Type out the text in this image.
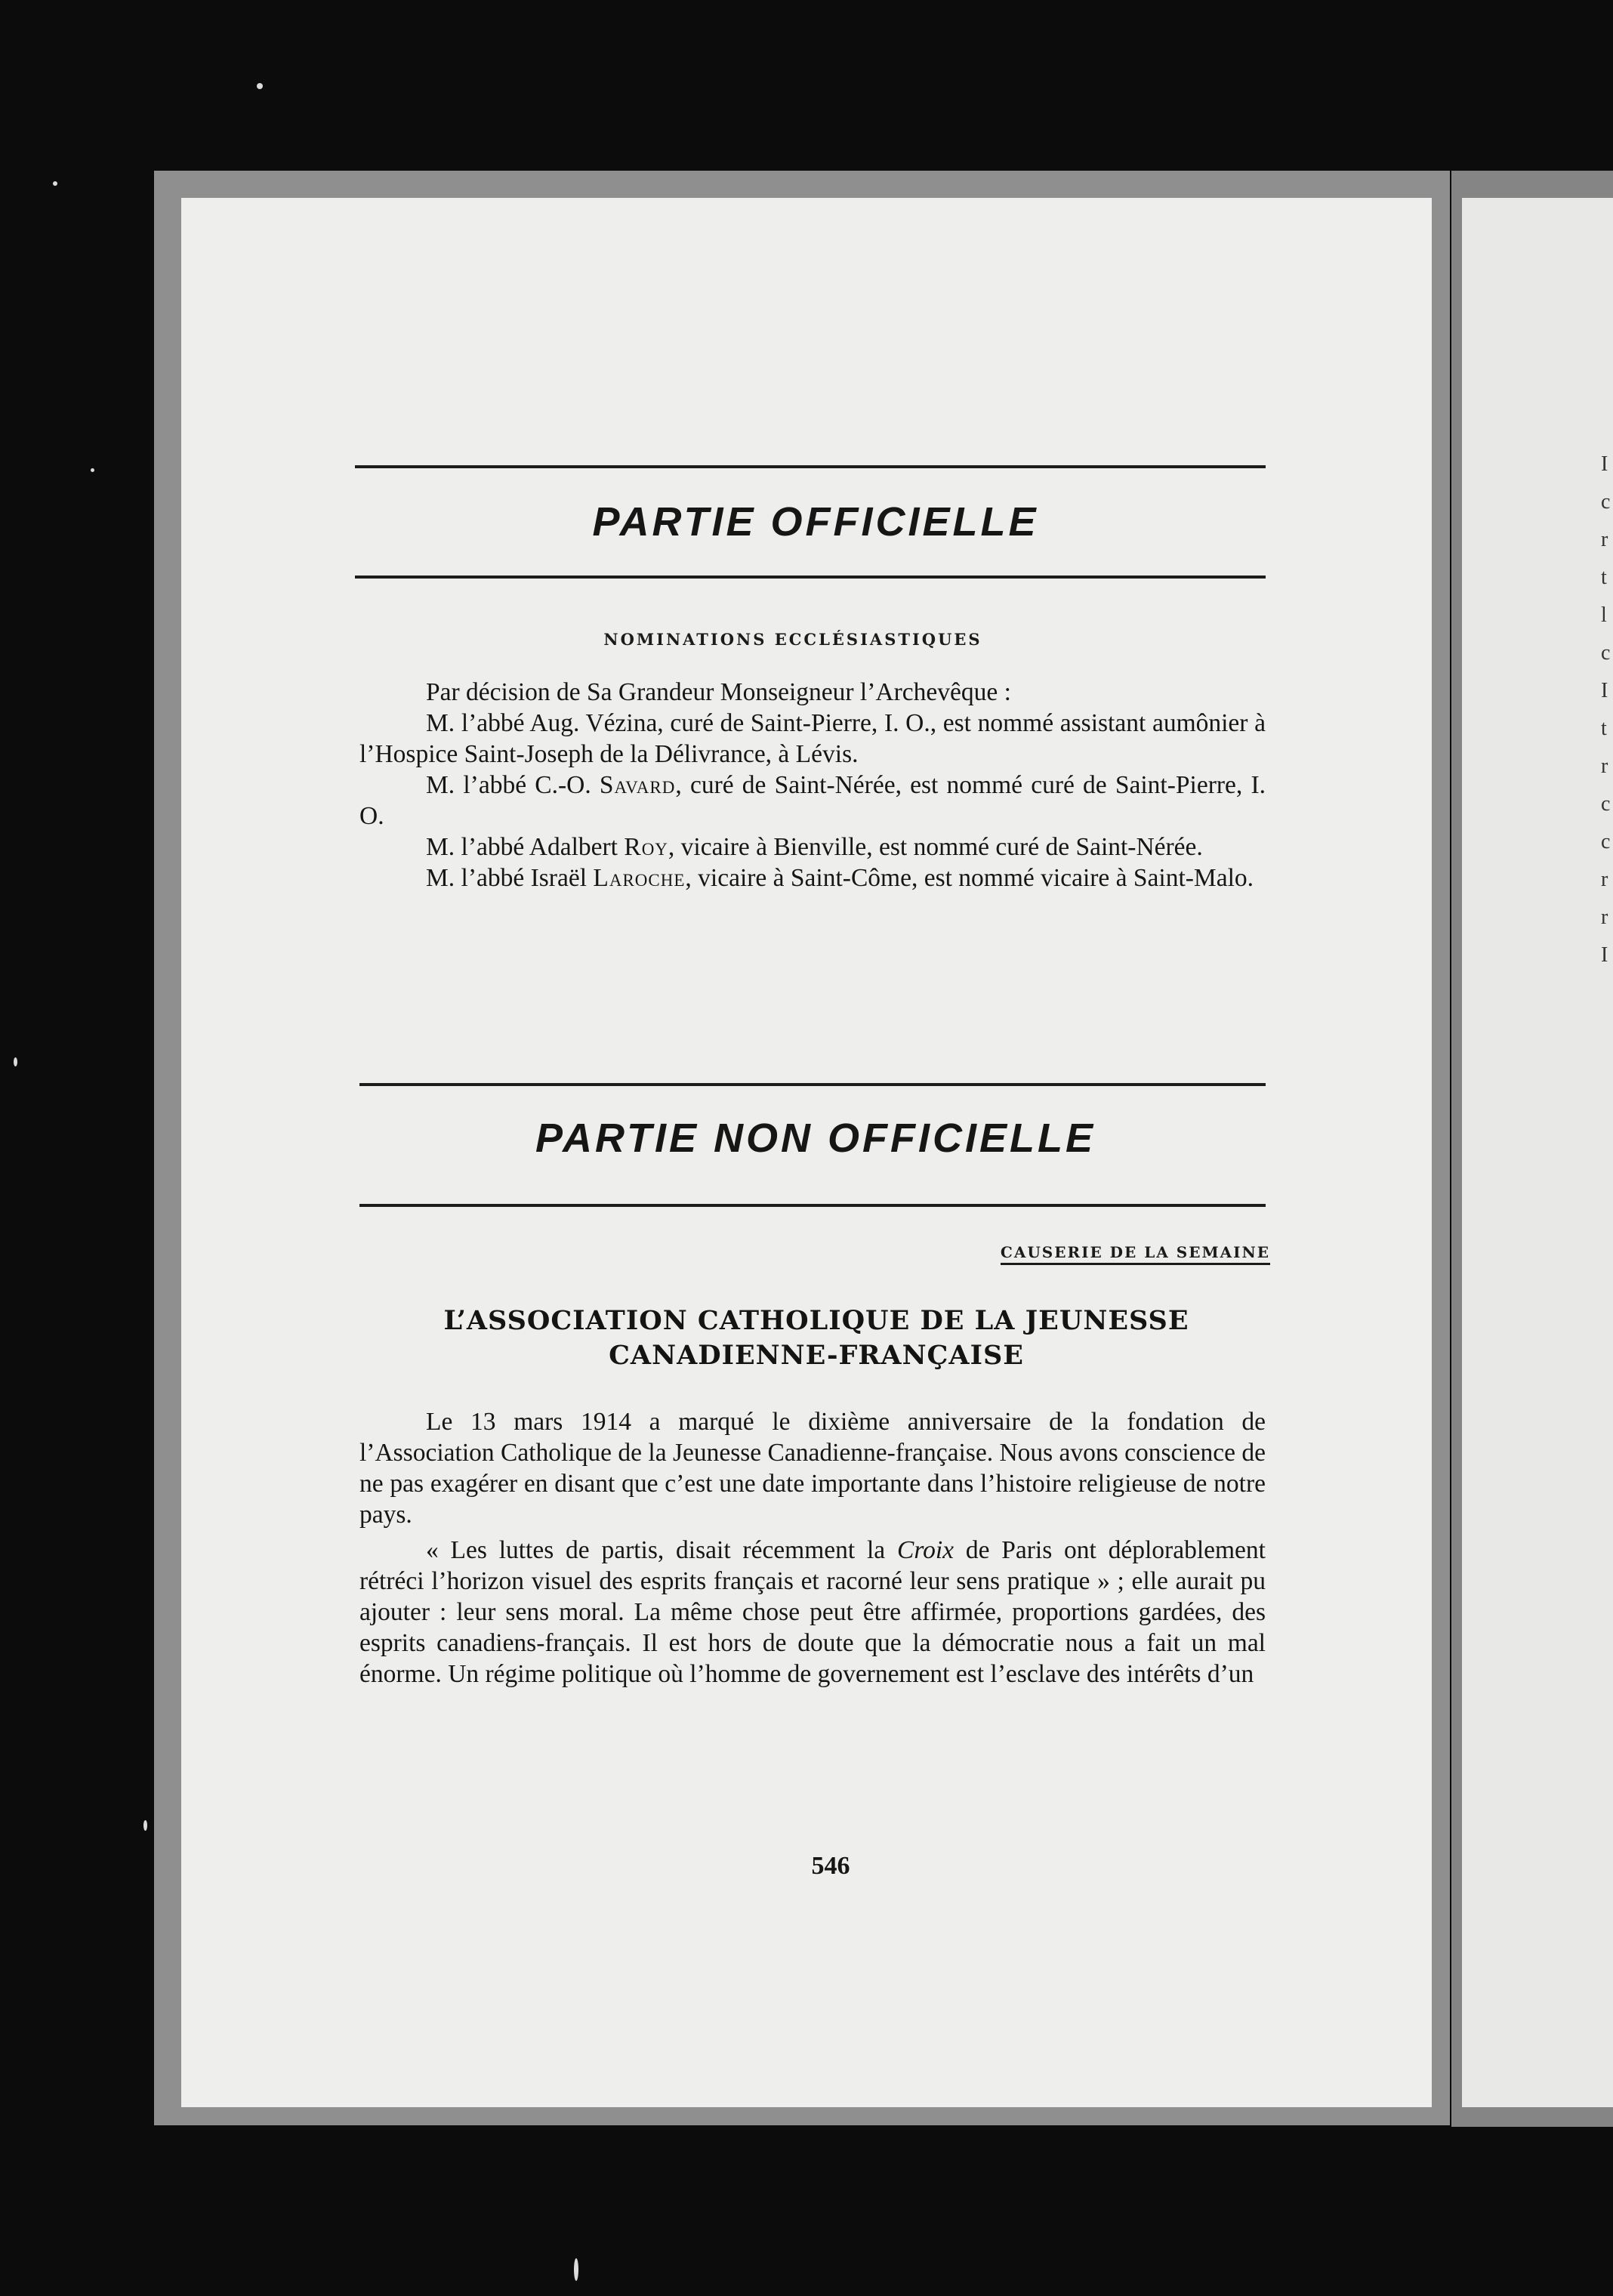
I
c
r
t
l
c
I
t
r
c
c
r
r
I
PARTIE OFFICIELLE
NOMINATIONS ECCLÉSIASTIQUES

Par décision de Sa Grandeur Monseigneur l’Archevêque :

M. l’abbé Aug. Vézina, curé de Saint-Pierre, I. O., est nommé assistant aumônier à l’Hospice Saint-Joseph de la Délivrance, à Lévis.

M. l’abbé C.-O. Savard, curé de Saint-Nérée, est nommé curé de Saint-Pierre, I. O.

M. l’abbé Adalbert Roy, vicaire à Bienville, est nommé curé de Saint-Nérée.

M. l’abbé Israël Laroche, vicaire à Saint-Côme, est nommé vicaire à Saint-Malo.

PARTIE NON OFFICIELLE
CAUSERIE DE LA SEMAINE
L’ASSOCIATION CATHOLIQUE DE LA JEUNESSE
CANADIENNE-FRANÇAISE

Le 13 mars 1914 a marqué le dixième anniversaire de la fondation de l’Association Catholique de la Jeunesse Canadienne-française. Nous avons conscience de ne pas exagérer en disant que c’est une date importante dans l’histoire religieuse de notre pays.

« Les luttes de partis, disait récemment la Croix de Paris ont déplorablement rétréci l’horizon visuel des esprits français et racorné leur sens pratique » ; elle aurait pu ajouter : leur sens moral. La même chose peut être affirmée, proportions gardées, des esprits canadiens-français. Il est hors de doute que la démocratie nous a fait un mal énorme. Un régime politique où l’homme de governement est l’esclave des intérêts d’un

546
